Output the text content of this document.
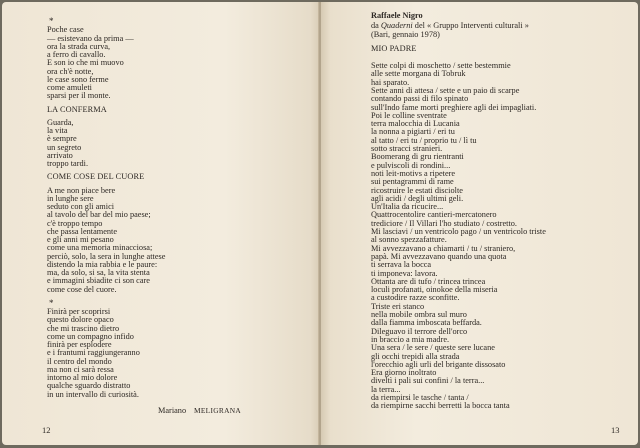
*
Poche case
— esistevano da prima —
ora la strada curva,
a ferro di cavallo.
E son io che mi muovo
ora ch'è notte,
le case sono ferme
come amuleti
sparsi per il monte.
LA CONFERMA
Guarda,
la vita
è sempre
un segreto
arrivato
troppo tardi.
COME COSE DEL CUORE
A me non piace bere
in lunghe sere
seduto con gli amici
al tavolo del bar del mio paese;
c'è troppo tempo
che passa lentamente
e gli anni mi pesano
come una memoria minacciosa;
perciò, solo, la sera in lunghe attese
distendo la mia rabbia e le paure:
ma, da solo, si sa, la vita stenta
e immagini sbiadite ci son care
come cose del cuore.
*
Finirà per scoprirsi
questo dolore opaco
che mi trascino dietro
come un compagno infido
finirà per esplodere
e i frantumi raggiungeranno
il centro del mondo
ma non ci sarà ressa
intorno al mio dolore
qualche sguardo distratto
in un intervallo di curiosità.
Mariano MELIGRANA
12
Raffaele Nigro
da Quaderni del « Gruppo Interventi culturali »
(Bari, gennaio 1978)
MIO PADRE
Sette colpi di moschetto / sette bestemmie
alle sette morgana di Tobruk
hai sparato.
Sette anni di attesa / sette e un paio di scarpe
contando passi di filo spinato
sull'Indo fame morti preghiere agli dei impagliati.
Poi le colline sventrate
terra malocchia di Lucania
la nonna a pigiarti / eri tu
al tatto / eri tu / proprio tu / lì tu
sotto stracci stranieri.
Boomerang di gru rientranti
e pulviscoli di rondini...
noti leit-motivs a ripetere
sui pentagrammi di rame
ricostruire le estati disciolte
agli acidi / degli ultimi geli.
Un'Italia da ricucire...
Quattrocentolire cantieri-mercatonero
trediciore / Il Villari l'ho studiato / costretto.
Mi lasciavi / un ventricolo pago / un ventricolo triste
al sonno spezzafatture.
Mi avvezzavano a chiamarti / tu / straniero,
papà. Mi avvezzavano quando una quota
ti serrava la bocca
ti imponeva: lavora.
Ottanta are di tufo / trincea trincea
loculi profanati, oinokoe della miseria
a custodire razze sconfitte.
Triste eri stanco
nella mobile ombra sul muro
dalla fiamma imboscata beffarda.
Dileguavo il terrore dell'orco
in braccio a mia madre.
Una sera / le sere / queste sere lucane
gli occhi trepidi alla strada
l'orecchio agli urli del brigante dissosato
Era giorno inoltrato
diveltì i pali sui confini / la terra...
la terra...
da riempirsi le tasche / tanta /
da riempirne sacchi berretti la bocca tanta
13
